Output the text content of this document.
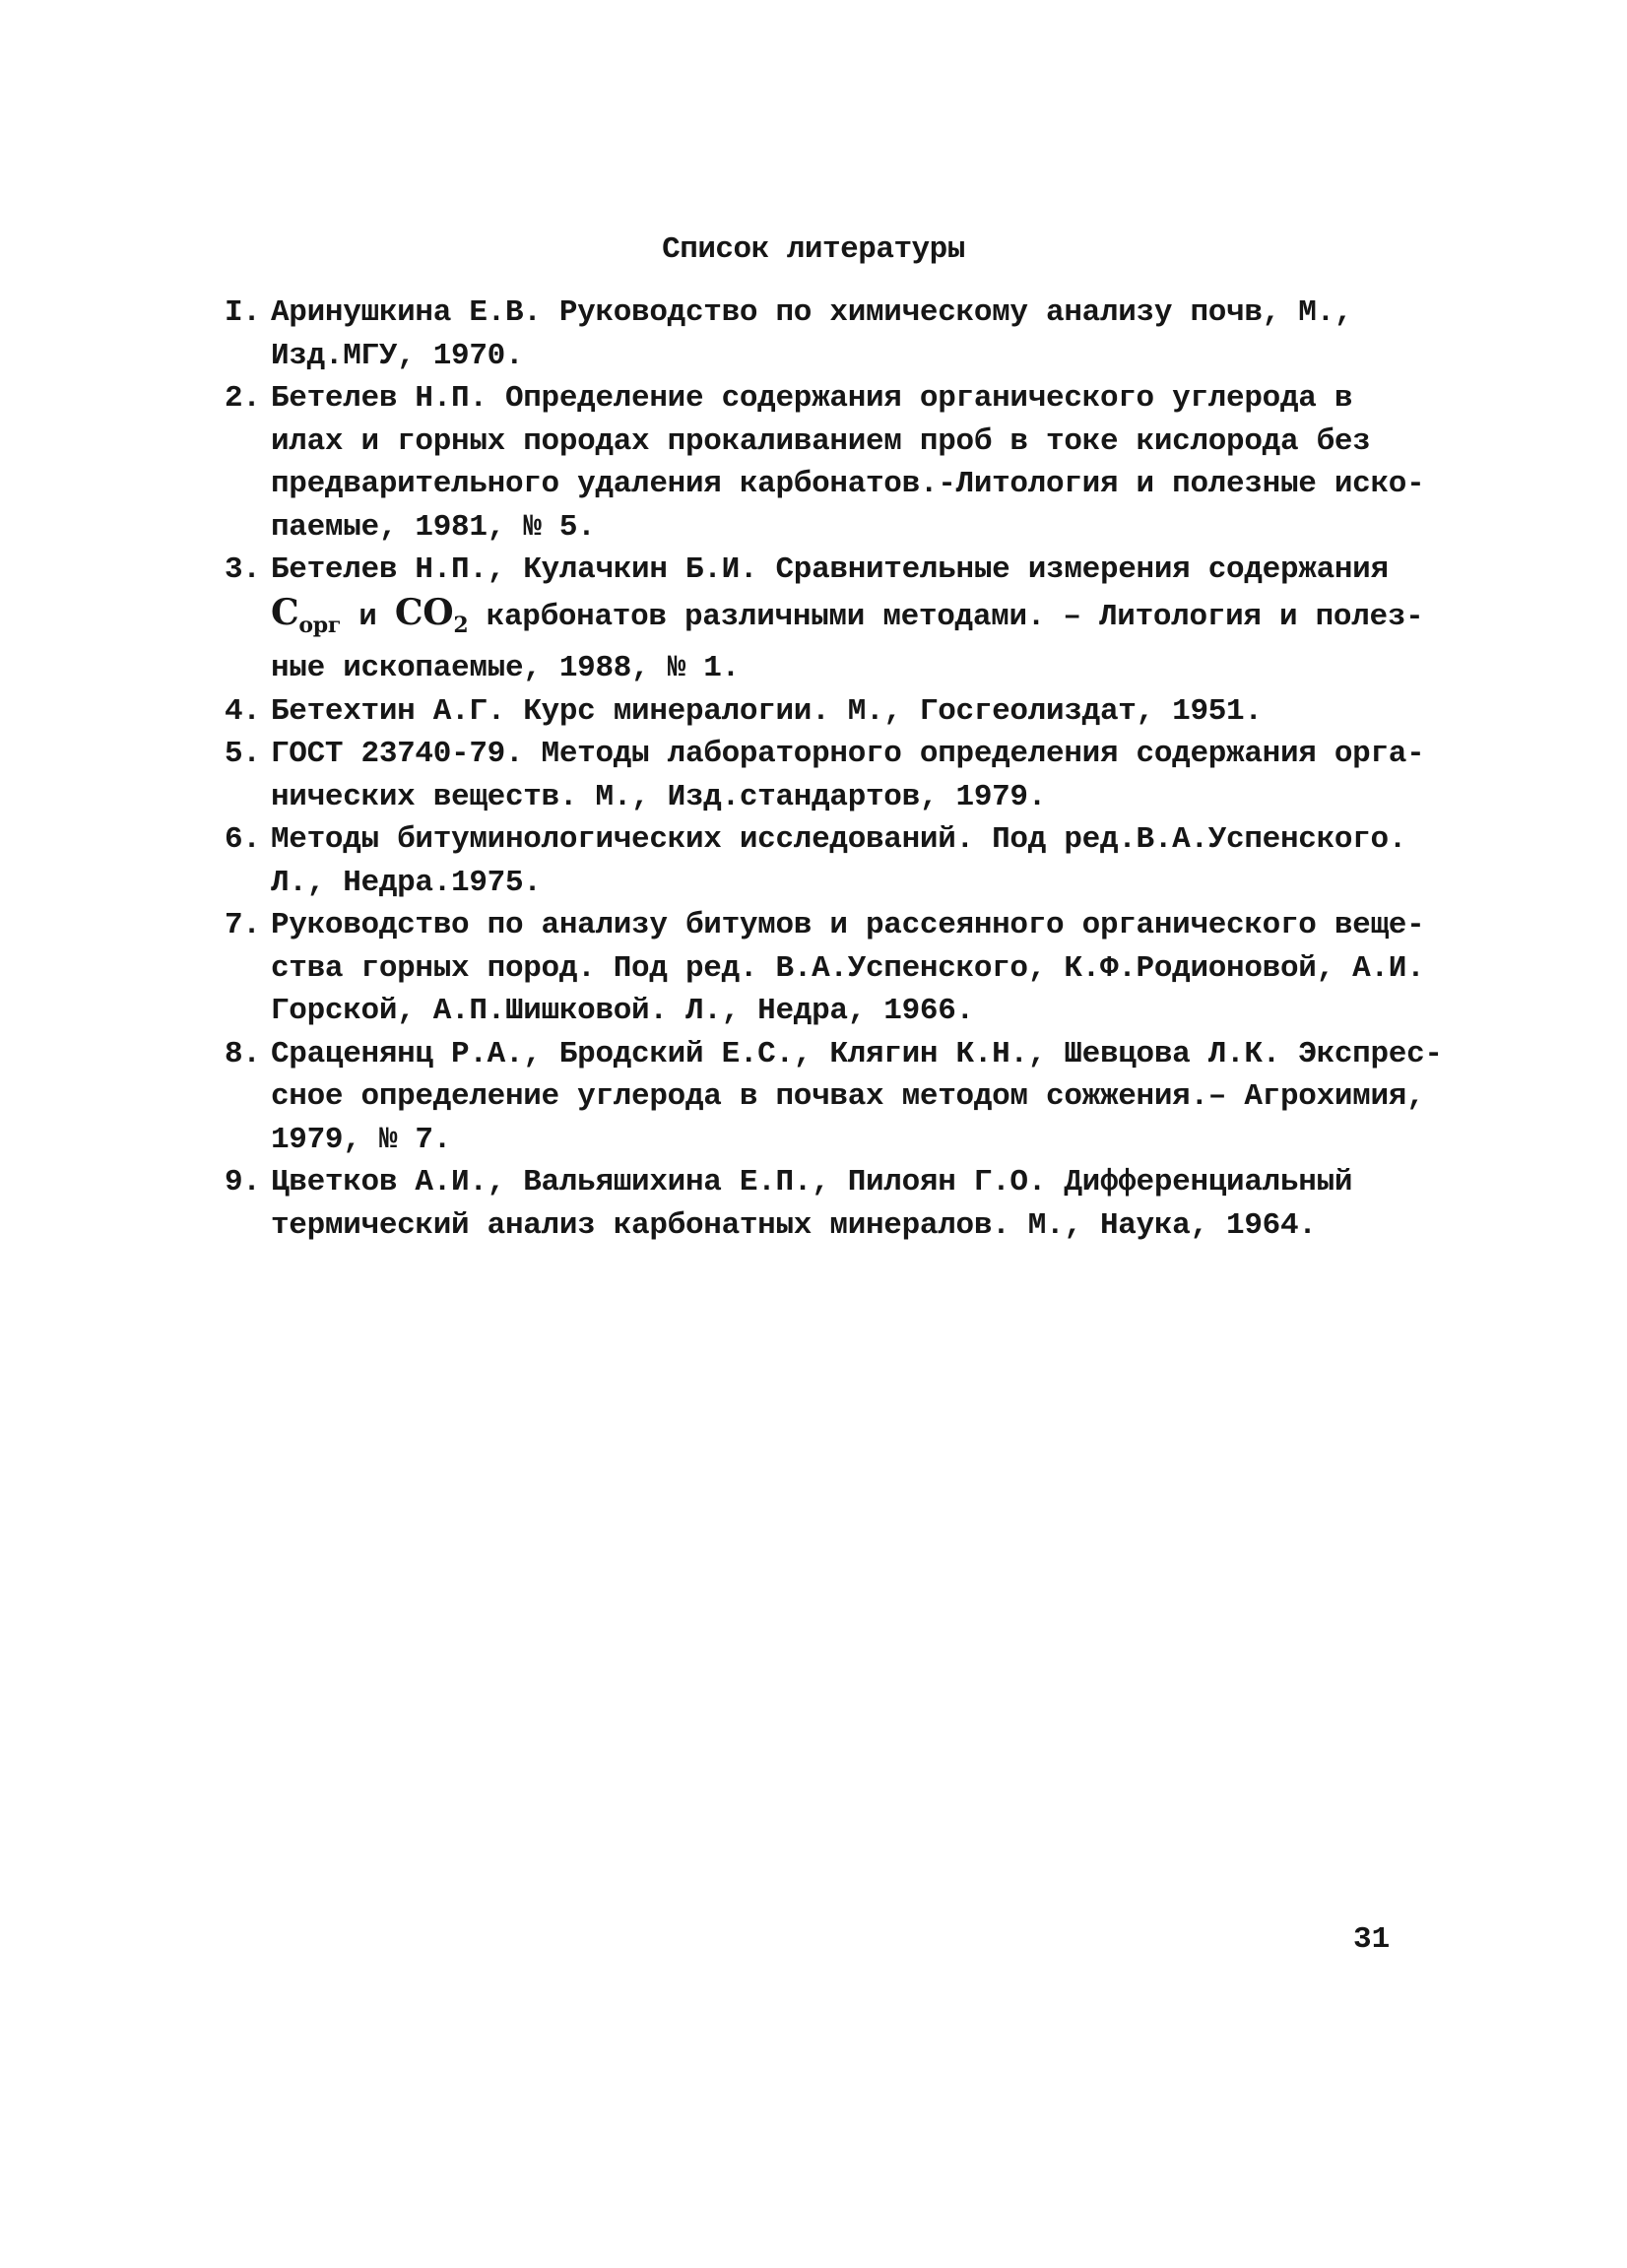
Список литературы
I. Аринушкина Е.В. Руководство по химическому анализу почв, М.,
Изд.МГУ, 1970.
2. Бетелев Н.П. Определение содержания органического углерода в
илах и горных породах прокаливанием проб в токе кислорода без
предварительного удаления карбонатов.-Литология и полезные иско-
паемые, 1981, № 5.
3. Бетелев Н.П., Кулачкин Б.И. Сравнительные измерения содержания
$C_{орг}$ и $CO_2$ карбонатов различными методами. – Литология и полез-
ные ископаемые, 1988, № 1.
4. Бетехтин А.Г. Курс минералогии. М., Госгеолиздат, 1951.
5. ГОСТ 23740-79. Методы лабораторного определения содержания орга-
нических веществ. М., Изд.стандартов, 1979.
6. Методы битуминологических исследований. Под ред.В.А.Успенского.
Л., Недра.1975.
7. Руководство по анализу битумов и рассеянного органического веще-
ства горных пород. Под ред. В.А.Успенского, К.Ф.Родионовой, А.И.
Горской, А.П.Шишковой. Л., Недра, 1966.
8. Сраценянц Р.А., Бродский Е.С., Клягин К.Н., Шевцова Л.К. Экспрес-
сное определение углерода в почвах методом сожжения.– Агрохимия,
1979, № 7.
9. Цветков А.И., Вальяшихина Е.П., Пилоян Г.О. Дифференциальный
термический анализ карбонатных минералов. М., Наука, 1964.
31
